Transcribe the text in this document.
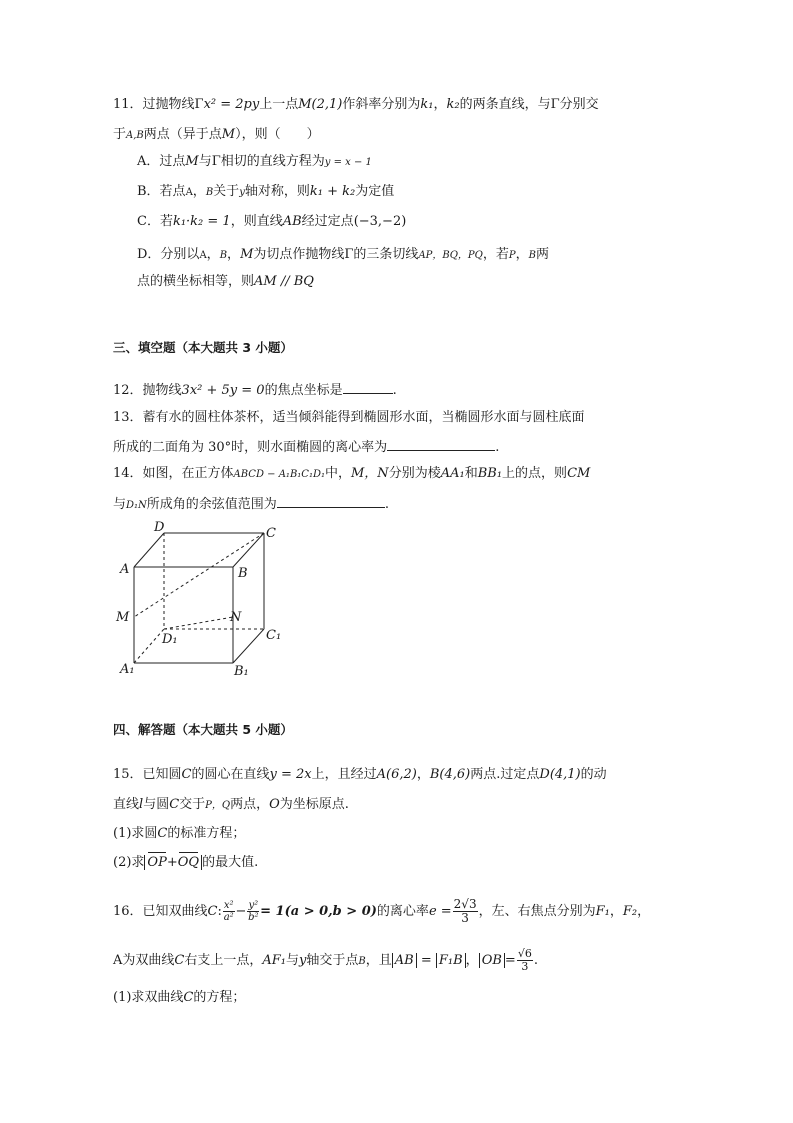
11．过抛物线Γx² = 2py上一点M(2,1)作斜率分别为k₁，k₂的两条直线，与Γ分别交
于A,B两点（异于点M），则（　　）
A．过点M与Γ相切的直线方程为y = x − 1
B．若点A，B关于y轴对称，则k₁ + k₂为定值
C．若k₁·k₂ = 1，则直线AB经过定点(−3,−2)
D．分别以A，B，M为切点作抛物线Γ的三条切线AP，BQ，PQ，若P，B两
点的横坐标相等，则AM // BQ
三、填空题（本大题共 3 小题）
12．抛物线3x² + 5y = 0的焦点坐标是	.
13．蓄有水的圆柱体茶杯，适当倾斜能得到椭圆形水面，当椭圆形水面与圆柱底面
所成的二面角为 30°时，则水面椭圆的离心率为	.
14．如图，在正方体ABCD − A₁B₁C₁D₁中，M，N分别为棱AA₁和BB₁上的点，则CM
与D₁N所成角的余弦值范围为	.
D	C
A	B
M	N
D₁	C₁
A₁	B₁
四、解答题（本大题共 5 小题）
15．已知圆C的圆心在直线y = 2x上，且经过A(6,2)，B(4,6)两点.过定点D(4,1)的动
直线l与圆C交于P，Q两点，O为坐标原点.
(1)求圆C的标准方程；
(2)求 OP+OQ 的最大值.
16．已知双曲线C: $\frac{\text{x²}}{\text{a²}} - \frac{\text{y²}}{\text{b²}} = 1(a > 0,b > 0)$的离心率$e = \frac{2√3}{3}$ ，左、右焦点分别为F₁，F₂，
A为双曲线C右支上一点，AF₁与y轴交于点B，且 AB = F₁B ， OB = $\frac{√6}{3}$ .
(1)求双曲线C的方程；
